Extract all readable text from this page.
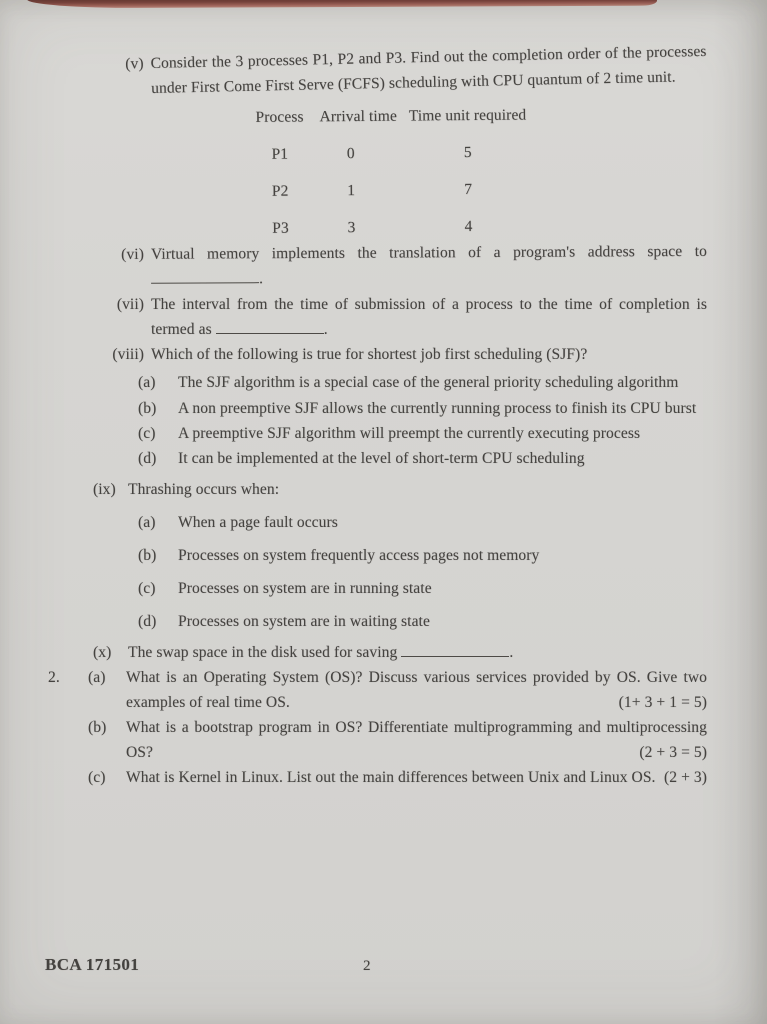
(v) Consider the 3 processes P1, P2 and P3. Find out the completion order of the processes under First Come First Serve (FCFS) scheduling with CPU quantum of 2 time unit.
Process	Arrival time Time unit required
P1	0	5
P2	1	7
P3	3	4
(vi) Virtual memory implements the translation of a program's address space to .
(vii) The interval from the time of submission of a process to the time of completion is termed as	.
(viii) Which of the following is true for shortest job first scheduling (SJF)?
(a)	The SJF algorithm is a special case of the general priority scheduling algorithm
(b)	A non preemptive SJF allows the currently running process to finish its CPU burst
(c)	A preemptive SJF algorithm will preempt the currently executing process
(d)	It can be implemented at the level of short-term CPU scheduling
(ix) Thrashing occurs when:
(a)	When a page fault occurs
(b)	Processes on system frequently access pages not memory
(c)	Processes on system are in running state
(d)	Processes on system are in waiting state
(x)	The swap space in the disk used for saving	.
2.	(a)	What is an Operating System (OS)? Discuss various services provided by OS. Give two examples of real time OS.	(1+ 3 + 1 = 5)
(b)	What is a bootstrap program in OS? Differentiate multiprogramming and multiprocessing OS?	(2 + 3 = 5)
(c)	What is Kernel in Linux. List out the main differences between Unix and Linux OS. (2 + 3)
BCA 171501	2
